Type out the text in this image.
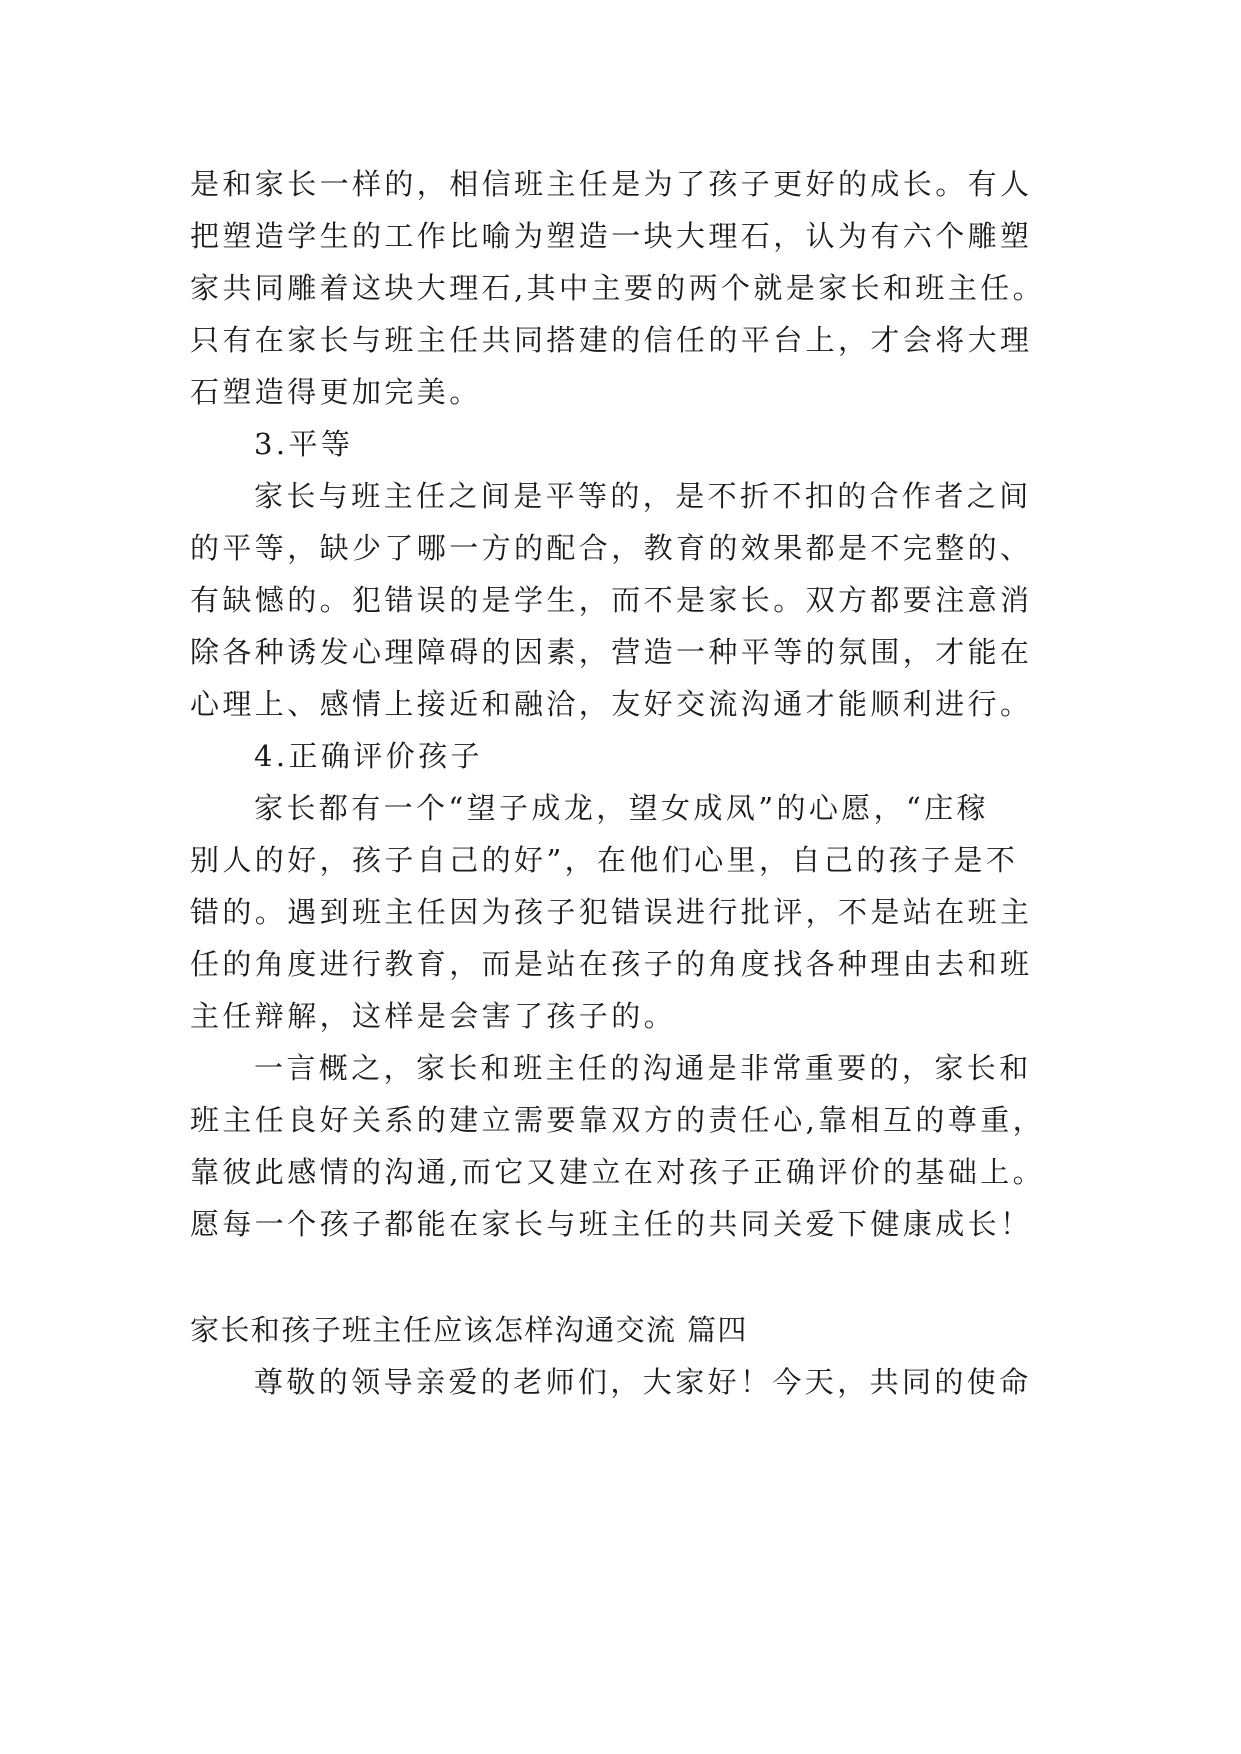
是和家长一样的，相信班主任是为了孩子更好的成长。有人
把塑造学生的工作比喻为塑造一块大理石，认为有六个雕塑
家共同雕着这块大理石,其中主要的两个就是家长和班主任。
只有在家长与班主任共同搭建的信任的平台上，才会将大理
石塑造得更加完美。
3.平等
家长与班主任之间是平等的，是不折不扣的合作者之间
的平等，缺少了哪一方的配合，教育的效果都是不完整的、
有缺憾的。犯错误的是学生，而不是家长。双方都要注意消
除各种诱发心理障碍的因素，营造一种平等的氛围，才能在
心理上、感情上接近和融洽，友好交流沟通才能顺利进行。
4.正确评价孩子
家长都有一个“望子成龙，望女成凤”的心愿，“庄稼
别人的好，孩子自己的好”，在他们心里，自己的孩子是不
错的。遇到班主任因为孩子犯错误进行批评，不是站在班主
任的角度进行教育，而是站在孩子的角度找各种理由去和班
主任辩解，这样是会害了孩子的。
一言概之，家长和班主任的沟通是非常重要的，家长和
班主任良好关系的建立需要靠双方的责任心,靠相互的尊重，
靠彼此感情的沟通,而它又建立在对孩子正确评价的基础上。
愿每一个孩子都能在家长与班主任的共同关爱下健康成长！
家长和孩子班主任应该怎样沟通交流 篇四
尊敬的领导亲爱的老师们，大家好！今天，共同的使命
